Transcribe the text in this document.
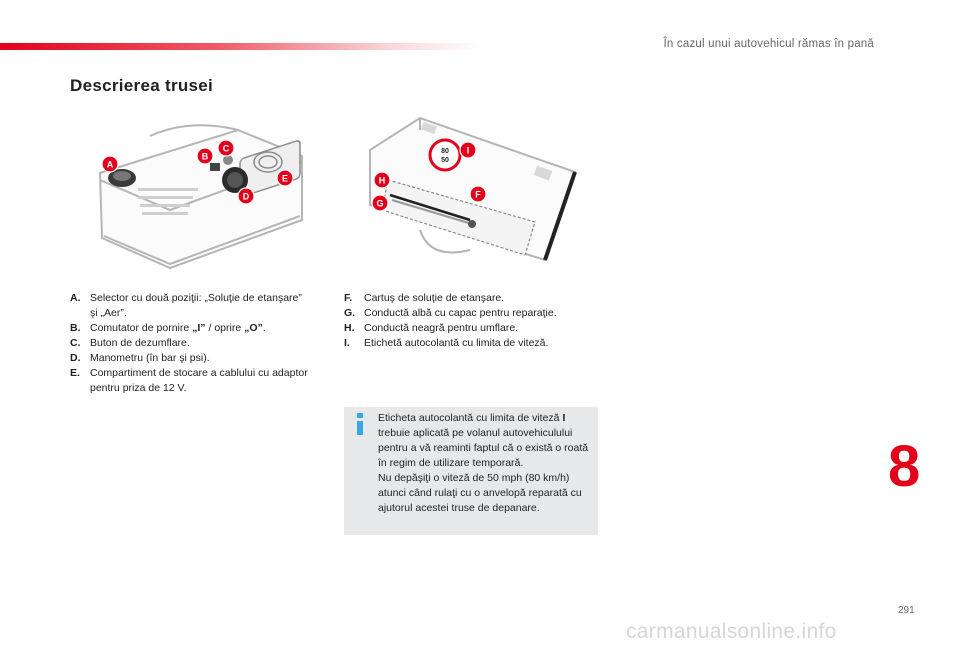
În cazul unui autovehicul rămas în pană
Descrierea trusei
A
B
C
D
E
80
50
I
H
F
G
A. Selector cu două poziţii: „Soluţie de etanşare” şi „Aer”.
B. Comutator de pornire „I” / oprire „O”.
C. Buton de dezumflare.
D. Manometru (în bar şi psi).
E. Compartiment de stocare a cablului cu adaptor pentru priza de 12 V.
F.	Cartuş de soluţie de etanşare.
G. Conductă albă cu capac pentru reparaţie.
H. Conductă neagră pentru umflare.
I.	Etichetă autocolantă cu limita de viteză.
Eticheta autocolantă cu limita de viteză I trebuie aplicată pe volanul autovehiculului pentru a vă reaminti faptul că o există o roată în regim de utilizare temporară.
Nu depăşiţi o viteză de 50 mph (80 km/h) atunci când rulaţi cu o anvelopă reparată cu ajutorul acestei truse de depanare.
8
291
carmanualsonline.info
